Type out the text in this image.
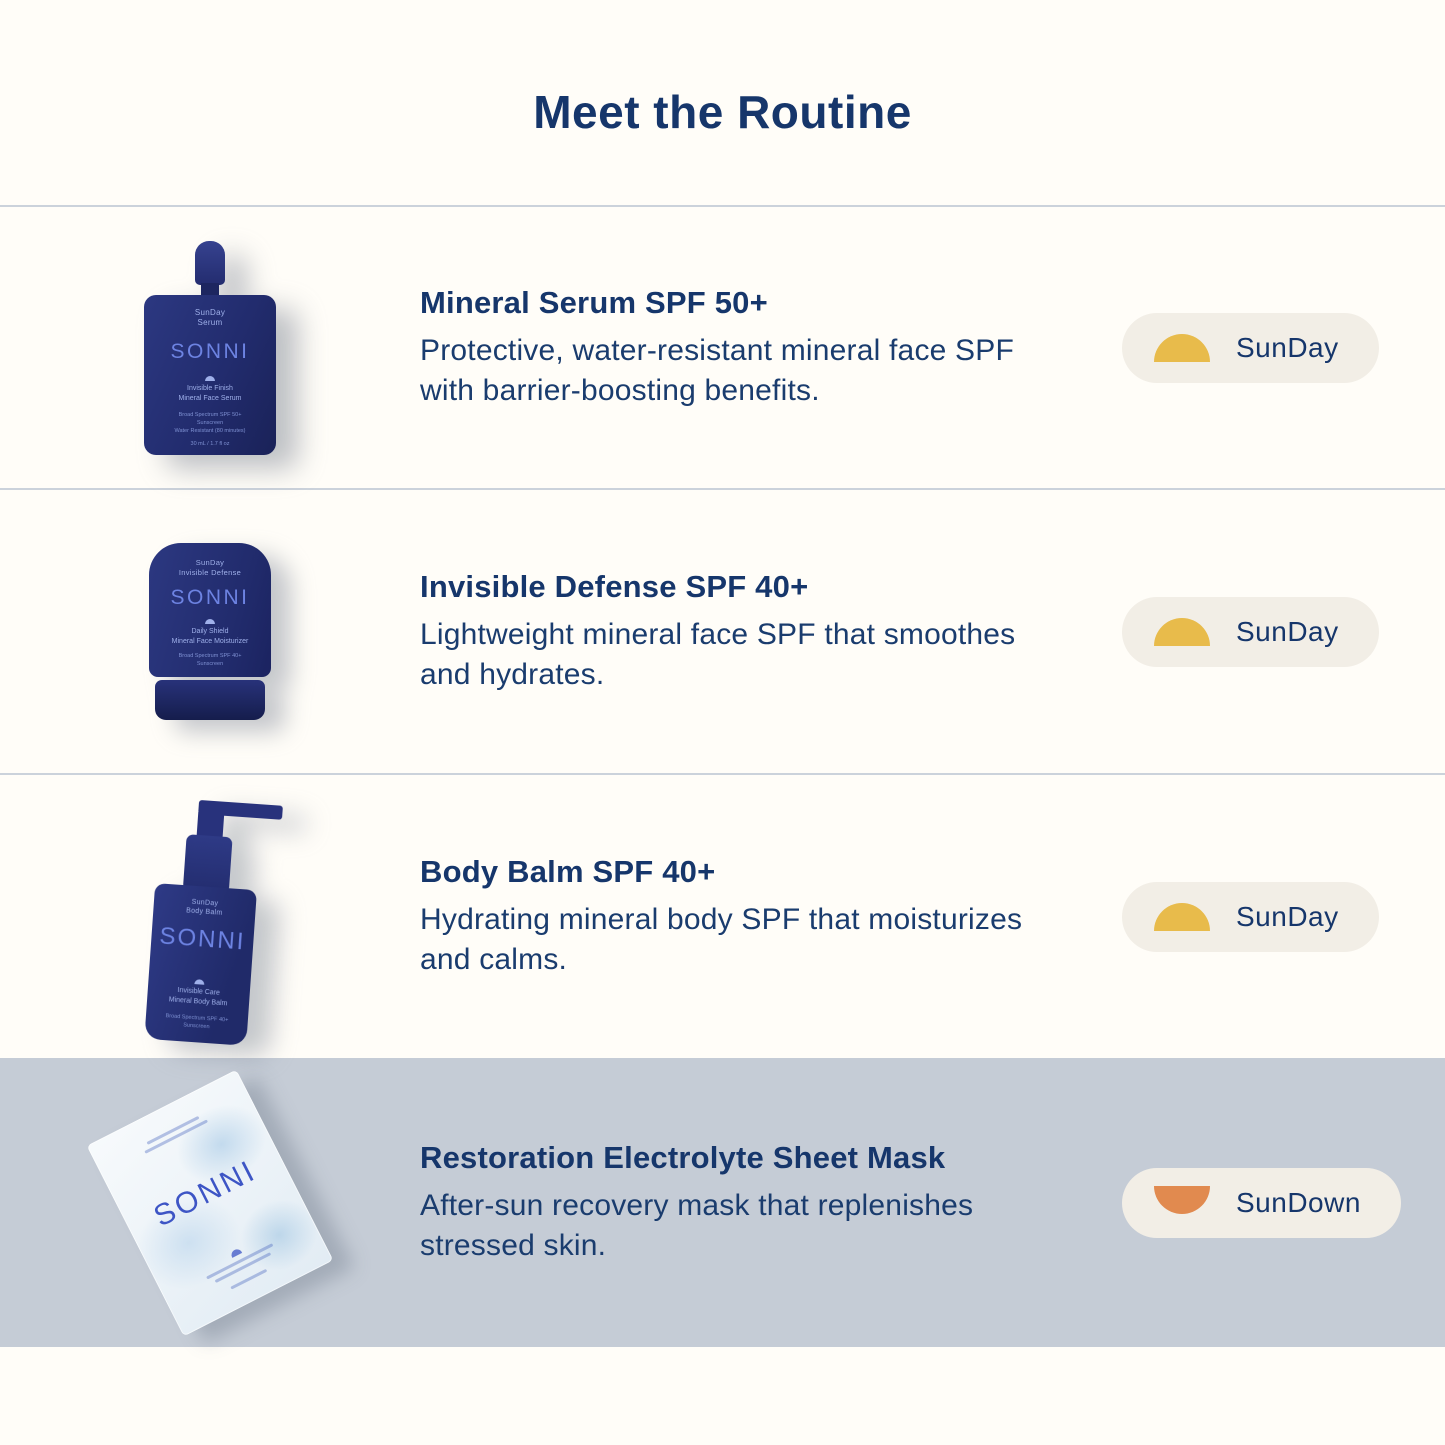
Meet the Routine
SunDay
Serum
SONNI
Invisible Finish
Mineral Face Serum
Broad Spectrum SPF 50+
Sunscreen
Water Resistant (80 minutes)
30 mL / 1.7 fl oz
Mineral Serum SPF 50+

Protective, water-resistant mineral face SPF with barrier-boosting benefits.

SunDay
SunDay
Invisible Defense
SONNI
Daily Shield
Mineral Face Moisturizer
Broad Spectrum SPF 40+
Sunscreen
Invisible Defense SPF 40+

Lightweight mineral face SPF that smoothes and hydrates.

SunDay
SunDay
Body Balm
SONNI
Invisible Care
Mineral Body Balm
Broad Spectrum SPF 40+
Sunscreen
Body Balm SPF 40+

Hydrating mineral body SPF that moisturizes and calms.

SunDay
SONNI	Restoration Electrolyte Sheet Mask

After-sun recovery mask that replenishes stressed skin.

SunDown
